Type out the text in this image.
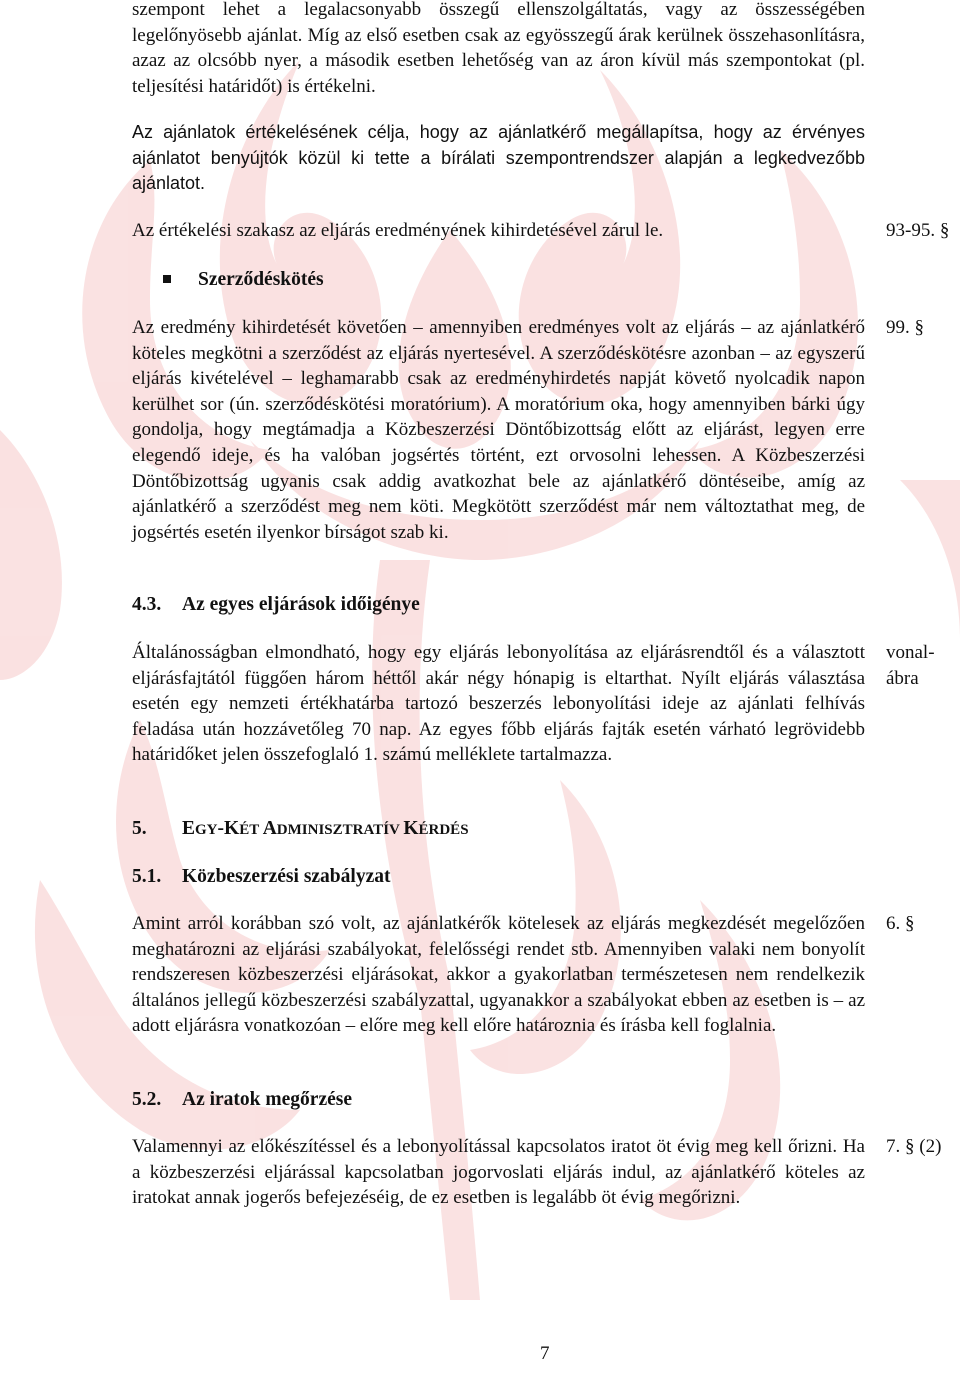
szempont lehet a legalacsonyabb összegű ellenszolgáltatás, vagy az összességében legelőnyösebb ajánlat. Míg az első esetben csak az egyösszegű árak kerülnek összehasonlításra, azaz az olcsóbb nyer, a második esetben lehetőség van az áron kívül más szempontokat (pl. teljesítési határidőt) is értékelni.

Az ajánlatok értékelésének célja, hogy az ajánlatkérő megállapítsa, hogy az érvényes ajánlatot benyújtók közül ki tette a bírálati szempontrendszer alapján a legkedvezőbb ajánlatot.

Az értékelési szakasz az eljárás eredményének kihirdetésével zárul le.	93-95. §
Szerződéskötés

Az eredmény kihirdetését követően – amennyiben eredményes volt az eljárás – az ajánlatkérő köteles megkötni a szerződést az eljárás nyertesével. A szerződéskötésre azonban – az egyszerű eljárás kivételével – leghamarabb csak az eredményhirdetés napját követő nyolcadik napon kerülhet sor (ún. szerződéskötési moratórium). A moratórium oka, hogy amennyiben bárki úgy gondolja, hogy megtámadja a Közbeszerzési Döntőbizottság előtt az eljárást, legyen erre elegendő ideje, és ha valóban jogsértés történt, ezt orvosolni lehessen. A Közbeszerzési Döntőbizottság ugyanis csak addig avatkozhat bele az ajánlatkérő döntéseibe, amíg az ajánlatkérő a szerződést meg nem köti. Megkötött szerződést már nem változtathat meg, de jogsértés esetén ilyenkor bírságot szab ki.

99. §
4.3. Az egyes eljárások időigénye

Általánosságban elmondható, hogy egy eljárás lebonyolítása az eljárásrendtől és a választott eljárásfajtától függően három héttől akár négy hónapig is eltarthat. Nyílt eljárás választása esetén egy nemzeti értékhatárba tartozó beszerzés lebonyolítási ideje az ajánlati felhívás feladása után hozzávetőleg 70 nap. Az egyes főbb eljárás fajták esetén várható legrövidebb határidőket jelen összefoglaló 1. számú melléklete tartalmazza.

vonal-
ábra
5. EGY-KÉT ADMINISZTRATÍV KÉRDÉS
5.1. Közbeszerzési szabályzat

Amint arról korábban szó volt, az ajánlatkérők kötelesek az eljárás megkezdését megelőzően meghatározni az eljárási szabályokat, felelősségi rendet stb. Amennyiben valaki nem bonyolít rendszeresen közbeszerzési eljárásokat, akkor a gyakorlatban természetesen nem rendelkezik általános jellegű közbeszerzési szabályzattal, ugyanakkor a szabályokat ebben az esetben is – az adott eljárásra vonatkozóan – előre meg kell előre határoznia és írásba kell foglalnia.

6. §
5.2. Az iratok megőrzése

Valamennyi az előkészítéssel és a lebonyolítással kapcsolatos iratot öt évig meg kell őrizni. Ha a közbeszerzési eljárással kapcsolatban jogorvoslati eljárás indul, az ajánlatkérő köteles az iratokat annak jogerős befejezéséig, de ez esetben is legalább öt évig megőrizni.

7. § (2)
7
